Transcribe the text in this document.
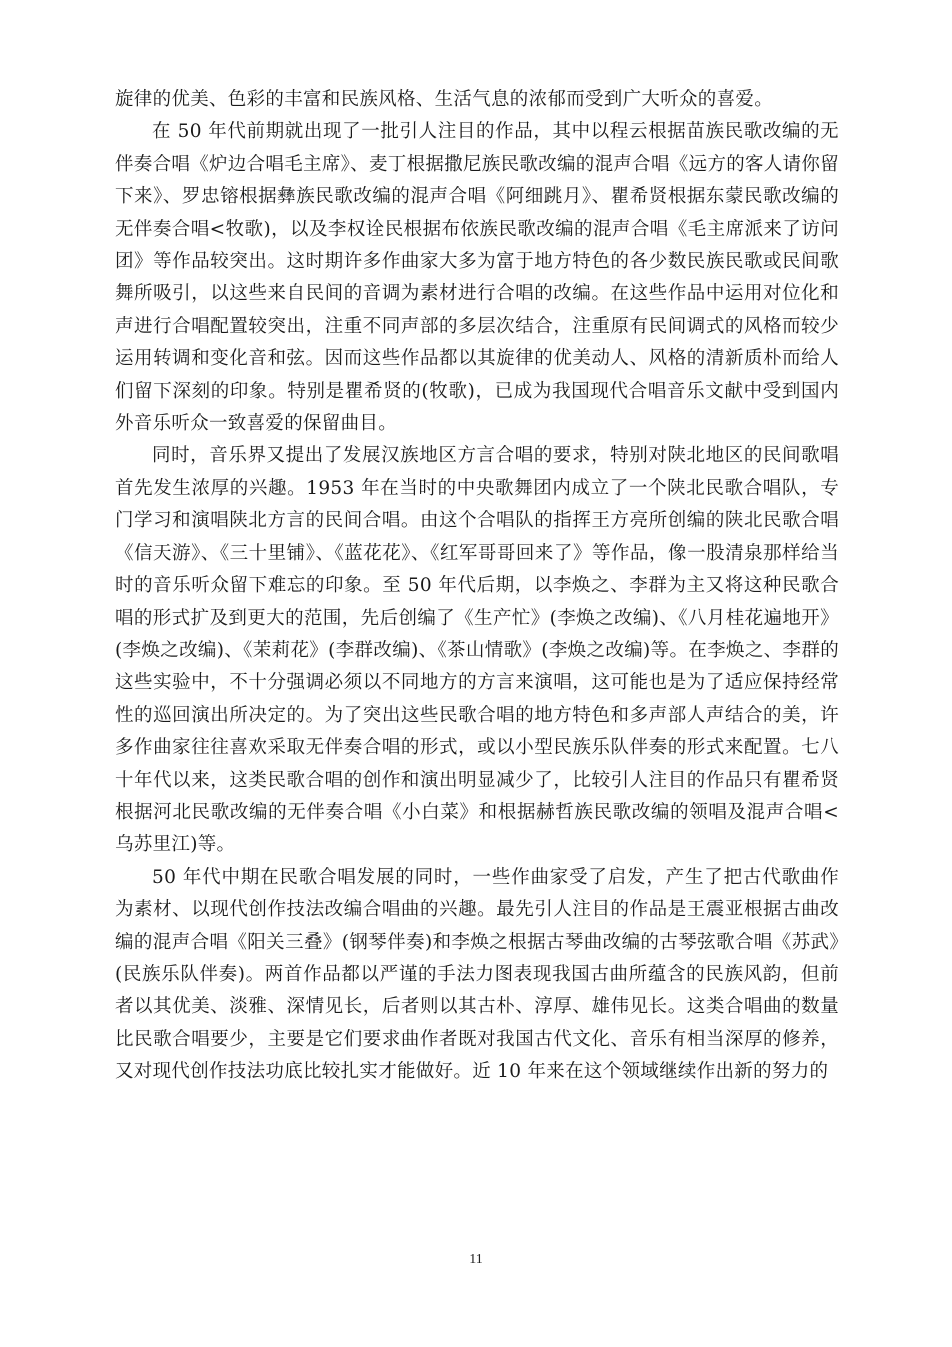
旋律的优美、色彩的丰富和民族风格、生活气息的浓郁而受到广大听众的喜爱。

在 50 年代前期就出现了一批引人注目的作品，其中以程云根据苗族民歌改编的无伴奏合唱《炉边合唱毛主席》、麦丁根据撒尼族民歌改编的混声合唱《远方的客人请你留下来》、罗忠镕根据彝族民歌改编的混声合唱《阿细跳月》、瞿希贤根据东蒙民歌改编的无伴奏合唱<牧歌)，以及李权诠民根据布依族民歌改编的混声合唱《毛主席派来了访问团》等作品较突出。这时期许多作曲家大多为富于地方特色的各少数民族民歌或民间歌舞所吸引，以这些来自民间的音调为素材进行合唱的改编。在这些作品中运用对位化和声进行合唱配置较突出，注重不同声部的多层次结合，注重原有民间调式的风格而较少运用转调和变化音和弦。因而这些作品都以其旋律的优美动人、风格的清新质朴而给人们留下深刻的印象。特别是瞿希贤的(牧歌)，已成为我国现代合唱音乐文献中受到国内外音乐听众一致喜爱的保留曲目。

同时，音乐界又提出了发展汉族地区方言合唱的要求，特别对陕北地区的民间歌唱首先发生浓厚的兴趣。1953 年在当时的中央歌舞团内成立了一个陕北民歌合唱队，专门学习和演唱陕北方言的民间合唱。由这个合唱队的指挥王方亮所创编的陕北民歌合唱《信天游》、《三十里铺》、《蓝花花》、《红军哥哥回来了》等作品，像一股清泉那样给当时的音乐听众留下难忘的印象。至 50 年代后期，以李焕之、李群为主又将这种民歌合唱的形式扩及到更大的范围，先后创编了《生产忙》(李焕之改编)、《八月桂花遍地开》(李焕之改编)、《茉莉花》(李群改编)、《茶山情歌》(李焕之改编)等。在李焕之、李群的这些实验中，不十分强调必须以不同地方的方言来演唱，这可能也是为了适应保持经常性的巡回演出所决定的。为了突出这些民歌合唱的地方特色和多声部人声结合的美，许多作曲家往往喜欢采取无伴奏合唱的形式，或以小型民族乐队伴奏的形式来配置。七八十年代以来，这类民歌合唱的创作和演出明显减少了，比较引人注目的作品只有瞿希贤根据河北民歌改编的无伴奏合唱《小白菜》和根据赫哲族民歌改编的领唱及混声合唱<乌苏里江)等。

50 年代中期在民歌合唱发展的同时，一些作曲家受了启发，产生了把古代歌曲作为素材、以现代创作技法改编合唱曲的兴趣。最先引人注目的作品是王震亚根据古曲改编的混声合唱《阳关三叠》(钢琴伴奏)和李焕之根据古琴曲改编的古琴弦歌合唱《苏武》(民族乐队伴奏)。两首作品都以严谨的手法力图表现我国古曲所蕴含的民族风韵，但前者以其优美、淡雅、深情见长，后者则以其古朴、淳厚、雄伟见长。这类合唱曲的数量比民歌合唱要少，主要是它们要求曲作者既对我国古代文化、音乐有相当深厚的修养，又对现代创作技法功底比较扎实才能做好。近 10 年来在这个领域继续作出新的努力的

11
